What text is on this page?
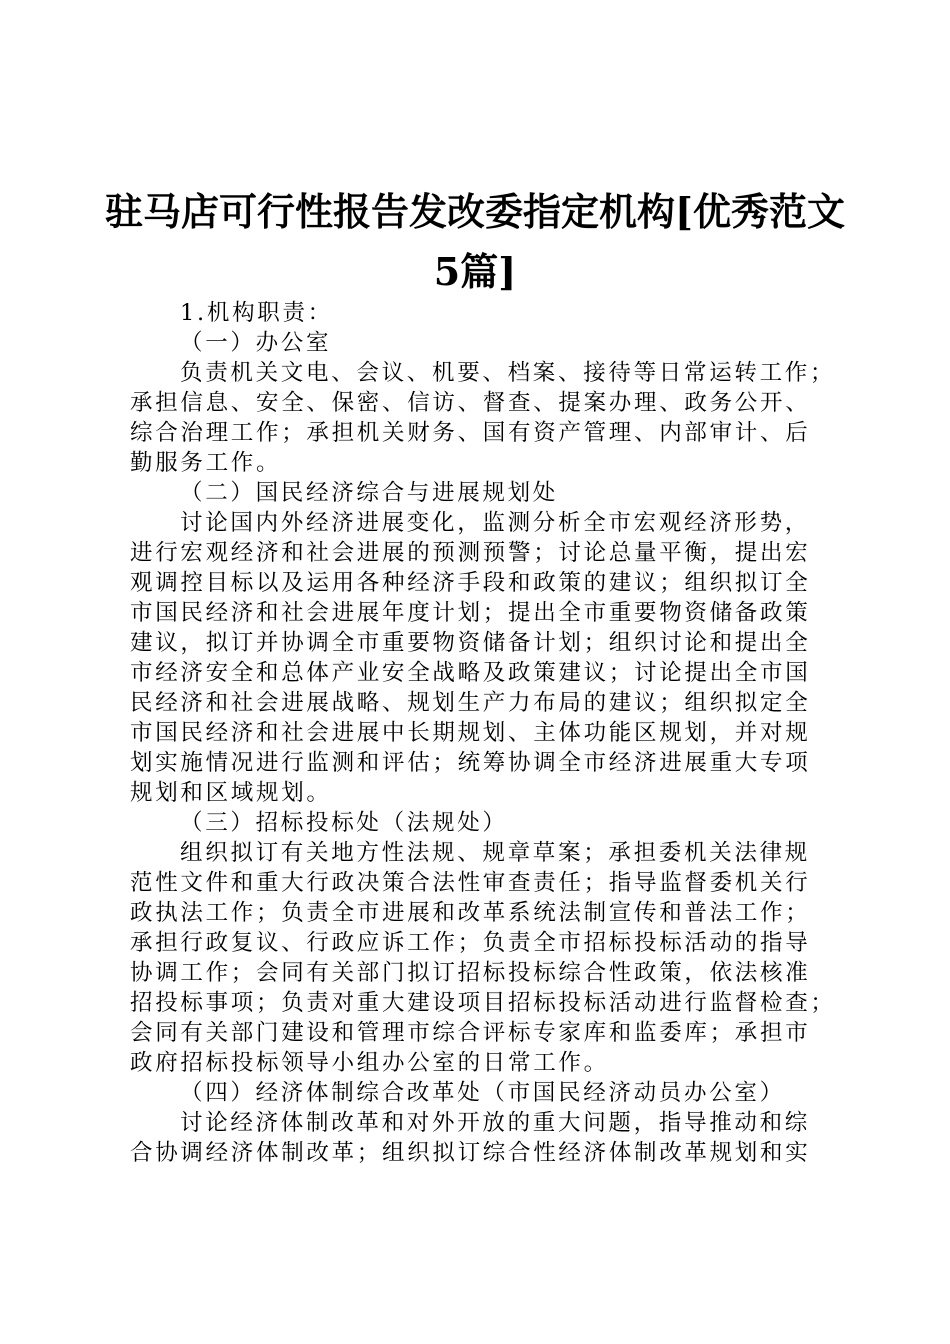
驻马店可行性报告发改委指定机构[优秀范文
5篇]
1.机构职责：
（一）办公室
负责机关文电、会议、机要、档案、接待等日常运转工作；
承担信息、安全、保密、信访、督查、提案办理、政务公开、
综合治理工作；承担机关财务、国有资产管理、内部审计、后
勤服务工作。
（二）国民经济综合与进展规划处
讨论国内外经济进展变化，监测分析全市宏观经济形势，
进行宏观经济和社会进展的预测预警；讨论总量平衡，提出宏
观调控目标以及运用各种经济手段和政策的建议；组织拟订全
市国民经济和社会进展年度计划；提出全市重要物资储备政策
建议，拟订并协调全市重要物资储备计划；组织讨论和提出全
市经济安全和总体产业安全战略及政策建议；讨论提出全市国
民经济和社会进展战略、规划生产力布局的建议；组织拟定全
市国民经济和社会进展中长期规划、主体功能区规划，并对规
划实施情况进行监测和评估；统筹协调全市经济进展重大专项
规划和区域规划。
（三）招标投标处（法规处）
组织拟订有关地方性法规、规章草案；承担委机关法律规
范性文件和重大行政决策合法性审查责任；指导监督委机关行
政执法工作；负责全市进展和改革系统法制宣传和普法工作；
承担行政复议、行政应诉工作；负责全市招标投标活动的指导
协调工作；会同有关部门拟订招标投标综合性政策，依法核准
招投标事项；负责对重大建设项目招标投标活动进行监督检查；
会同有关部门建设和管理市综合评标专家库和监委库；承担市
政府招标投标领导小组办公室的日常工作。
（四）经济体制综合改革处（市国民经济动员办公室）
讨论经济体制改革和对外开放的重大问题，指导推动和综
合协调经济体制改革；组织拟订综合性经济体制改革规划和实
